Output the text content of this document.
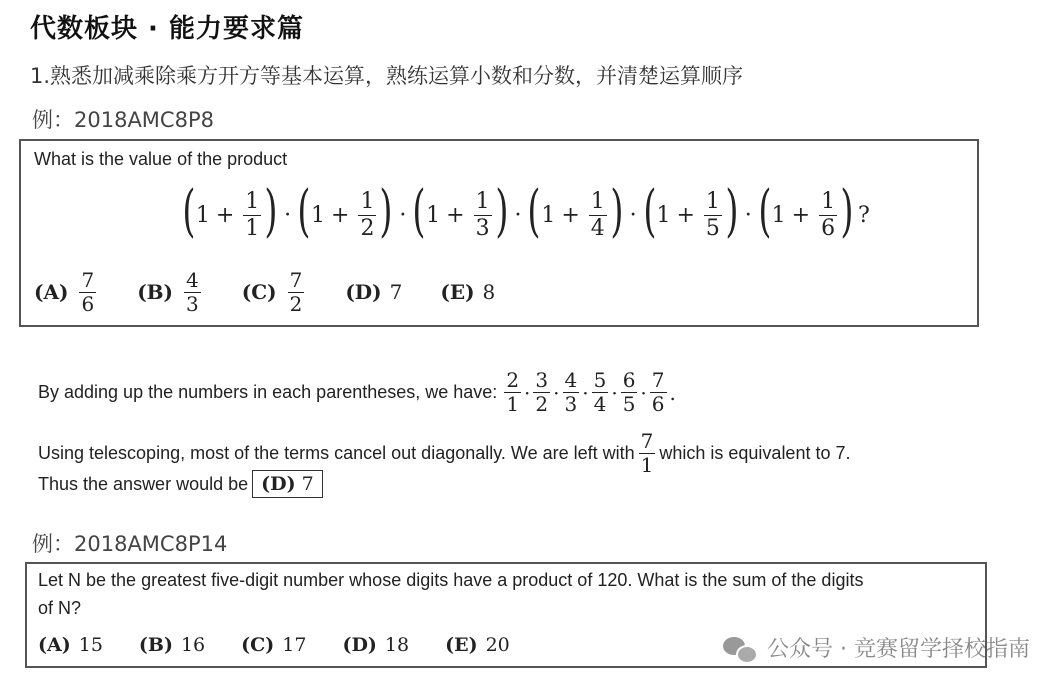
代数板块 · 能力要求篇
1.熟悉加减乘除乘方开方等基本运算，熟练运算小数和分数，并清楚运算顺序
例：2018AMC8P8
What is the value of the product
( $1 + \frac{1}{1}$ ) · ( $1 + \frac{1}{2}$ ) · ( $1 + \frac{1}{3}$ ) · ( $1 + \frac{1}{4}$ ) · ( $1 + \frac{1}{5}$ ) · ( $1 + \frac{1}{6}$ ) ?
$(A) \frac{7}{6} (B) \frac{4}{3} (C) \frac{7}{2} (D)$ 7 (E) 8
By adding up the numbers in each parentheses, we have: $\frac{2}{1} \cdot \frac{3}{2} \cdot \frac{4}{3} \cdot \frac{5}{4} \cdot \frac{6}{5} \cdot \frac{7}{6}$ .
Using telescoping, most of the terms cancel out diagonally. We are left with $\frac{7}{1}$ which is equivalent to 7.
Thus the answer would be (D) 7
例：2018AMC8P14
Let N be the greatest five-digit number whose digits have a product of 120. What is the sum of the digits
of N?
(A) 15 (B) 16 (C) 17 (D) 18 (E) 20	公众号 · 竞赛留学择校指南
